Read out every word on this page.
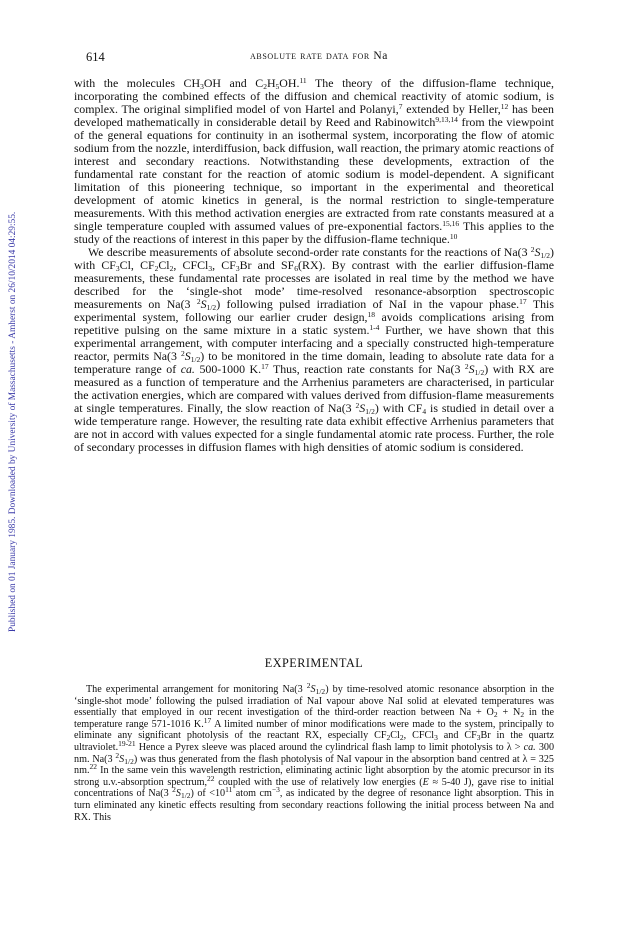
614	absolute rate data for Na
Published on 01 January 1985. Downloaded by University of Massachusetts - Amherst on 26/10/2014 04:29:55.

with the molecules $CH_3OH$ and $C_2H_5OH.^{11}$ The theory of the diffusion-flame technique, incorporating the combined effects of the diffusion and chemical reactivity of atomic sodium, is complex. The original simplified model of von Hartel and Polanyi,$^7$ extended by Heller,$^{12}$ has been developed mathematically in considerable detail by Reed and Rabinowitch$^{9,13,14}$ from the viewpoint of the general equations for continuity in an isothermal system, incorporating the flow of atomic sodium from the nozzle, interdiffusion, back diffusion, wall reaction, the primary atomic reactions of interest and secondary reactions. Notwithstanding these developments, extraction of the fundamental rate constant for the reaction of atomic sodium is model-dependent. A significant limitation of this pioneering technique, so important in the experimental and theoretical development of atomic kinetics in general, is the normal restriction to single-temperature measurements. With this method activation energies are extracted from rate constants measured at a single temperature coupled with assumed values of pre-exponential factors.$^{15,16}$ This applies to the study of the reactions of interest in this paper by the diffusion-flame technique.$^{10}$

We describe measurements of absolute second-order rate constants for the reactions of Na(3 $^2S_{1/2}$) with $CF_3Cl$, $CF_2Cl_2$, CFCl$_3$, $CF_3Br$ and $SF_6(RX)$. By contrast with the earlier diffusion-flame measurements, these fundamental rate processes are isolated in real time by the method we have described for the ‘single-shot mode’ time-resolved resonance-absorption spectroscopic measurements on Na(3 $^2S_{1/2}$) following pulsed irradiation of NaI in the vapour phase.$^{17}$ This experimental system, following our earlier cruder design,$^{18}$ avoids complications arising from repetitive pulsing on the same mixture in a static system.$^{1-4}$ Further, we have shown that this experimental arrangement, with computer interfacing and a specially constructed high-temperature reactor, permits Na(3 $^2S_{1/2}$) to be monitored in the time domain, leading to absolute rate data for a temperature range of ca. 500-1000 K.$^{17}$ Thus, reaction rate constants for Na(3 $^2S_{1/2}$) with RX are measured as a function of temperature and the Arrhenius parameters are characterised, in particular the activation energies, which are compared with values derived from diffusion-flame measurements at single temperatures. Finally, the slow reaction of Na(3 $^2S_{1/2}$) with $CF_4$ is studied in detail over a wide temperature range. However, the resulting rate data exhibit effective Arrhenius parameters that are not in accord with values expected for a single fundamental atomic rate process. Further, the role of secondary processes in diffusion flames with high densities of atomic sodium is considered.

EXPERIMENTAL

The experimental arrangement for monitoring Na(3 $^2S_{1/2}$) by time-resolved atomic resonance absorption in the ‘single-shot mode’ following the pulsed irradiation of NaI vapour above NaI solid at elevated temperatures was essentially that employed in our recent investigation of the third-order reaction between $Na + O_2 + N_2$ in the temperature range 571-1016 K.$^{17}$ A limited number of minor modifications were made to the system, principally to eliminate any significant photolysis of the reactant RX, especially $CF_2Cl_2$, CFCl$_3$ and $CF_3Br$ in the quartz ultraviolet.$^{19-21}$ Hence a Pyrex sleeve was placed around the cylindrical flash lamp to limit photolysis to λ > ca. 300 nm. Na(3 $^2S_{1/2}$) was thus generated from the flash photolysis of NaI vapour in the absorption band centred at λ = 325 nm.$^{22}$ In the same vein this wavelength restriction, eliminating actinic light absorption by the atomic precursor in its strong u.v.-absorption spectrum,$^{22}$ coupled with the use of relatively low energies (E ≈ 5-40 J), gave rise to initial concentrations of Na(3 $^2S_{1/2}$) of $<10^{11}$ atom $cm^{-3}$, as indicated by the degree of resonance light absorption. This in turn eliminated any kinetic effects resulting from secondary reactions following the initial process between Na and RX. This
